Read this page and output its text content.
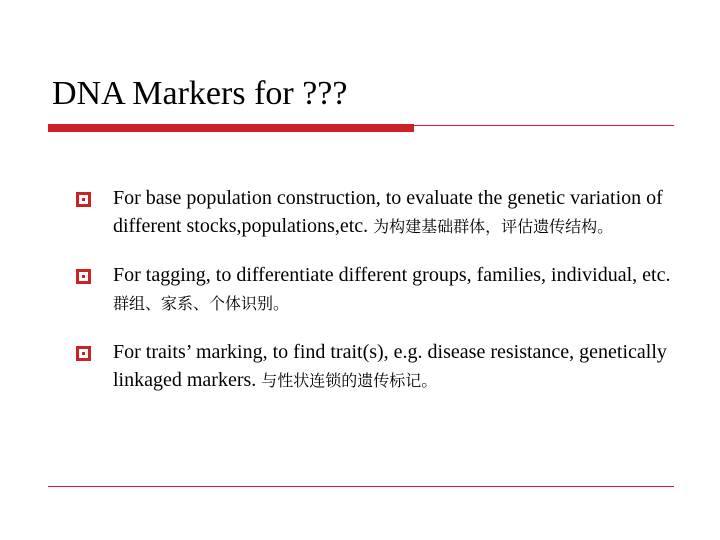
DNA Markers for ???
For base population construction, to evaluate the genetic variation of different stocks,populations,etc. 为构建基础群体，评估遗传结构。
For tagging, to differentiate different groups, families, individual, etc. 群组、家系、个体识别。
For traits’ marking, to find trait(s), e.g. disease resistance, genetically linkaged markers. 与性状连锁的遗传标记。
